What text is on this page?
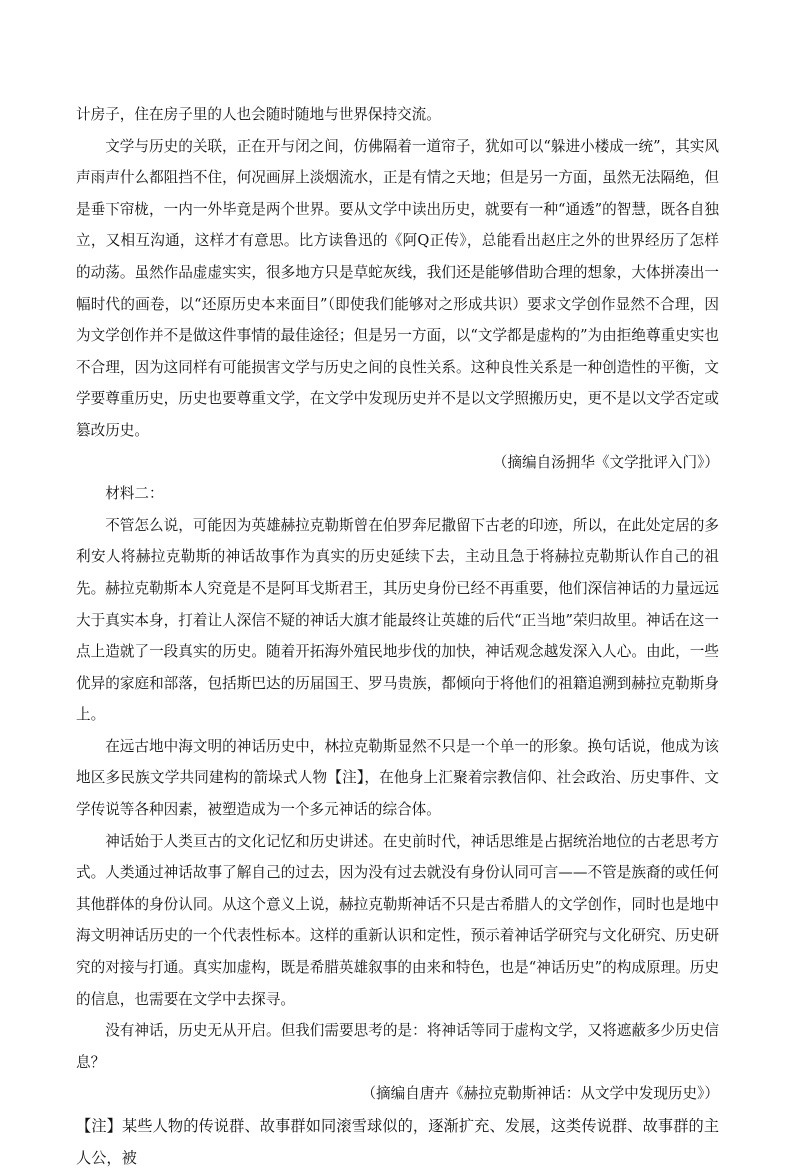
计房子，住在房子里的人也会随时随地与世界保持交流。

文学与历史的关联，正在开与闭之间，仿佛隔着一道帘子，犹如可以“躲进小楼成一统”，其实风声雨声什么都阻挡不住，何况画屏上淡烟流水，正是有情之天地；但是另一方面，虽然无法隔绝，但是垂下帘栊，一内一外毕竟是两个世界。要从文学中读出历史，就要有一种“通透”的智慧，既各自独立，又相互沟通，这样才有意思。比方读鲁迅的《阿Q正传》，总能看出赵庄之外的世界经历了怎样的动荡。虽然作品虚虚实实，很多地方只是草蛇灰线，我们还是能够借助合理的想象，大体拼凑出一幅时代的画卷，以“还原历史本来面目”（即使我们能够对之形成共识）要求文学创作显然不合理，因为文学创作并不是做这件事情的最佳途径；但是另一方面，以“文学都是虚构的”为由拒绝尊重史实也不合理，因为这同样有可能损害文学与历史之间的良性关系。这种良性关系是一种创造性的平衡，文学要尊重历史，历史也要尊重文学，在文学中发现历史并不是以文学照搬历史，更不是以文学否定或篡改历史。

（摘编自汤拥华《文学批评入门》）

材料二：

不管怎么说，可能因为英雄赫拉克勒斯曾在伯罗奔尼撒留下古老的印迹，所以，在此处定居的多利安人将赫拉克勒斯的神话故事作为真实的历史延续下去，主动且急于将赫拉克勒斯认作自己的祖先。赫拉克勒斯本人究竟是不是阿耳戈斯君王，其历史身份已经不再重要，他们深信神话的力量远远大于真实本身，打着让人深信不疑的神话大旗才能最终让英雄的后代“正当地”荣归故里。神话在这一点上造就了一段真实的历史。随着开拓海外殖民地步伐的加快，神话观念越发深入人心。由此，一些优异的家庭和部落，包括斯巴达的历届国王、罗马贵族，都倾向于将他们的祖籍追溯到赫拉克勒斯身上。

在远古地中海文明的神话历史中，林拉克勒斯显然不只是一个单一的形象。换句话说，他成为该地区多民族文学共同建构的箭垛式人物【注】，在他身上汇聚着宗教信仰、社会政治、历史事件、文学传说等各种因素，被塑造成为一个多元神话的综合体。

神话始于人类亘古的文化记忆和历史讲述。在史前时代，神话思维是占据统治地位的古老思考方式。人类通过神话故事了解自己的过去，因为没有过去就没有身份认同可言——不管是族裔的或任何其他群体的身份认同。从这个意义上说，赫拉克勒斯神话不只是古希腊人的文学创作，同时也是地中海文明神话历史的一个代表性标本。这样的重新认识和定性，预示着神话学研究与文化研究、历史研究的对接与打通。真实加虚构，既是希腊英雄叙事的由来和特色，也是“神话历史”的构成原理。历史的信息，也需要在文学中去探寻。

没有神话，历史无从开启。但我们需要思考的是：将神话等同于虚构文学，又将遮蔽多少历史信息？

（摘编自唐卉《赫拉克勒斯神话：从文学中发现历史》）

【注】某些人物的传说群、故事群如同滚雪球似的，逐渐扩充、发展，这类传说群、故事群的主人公，被
